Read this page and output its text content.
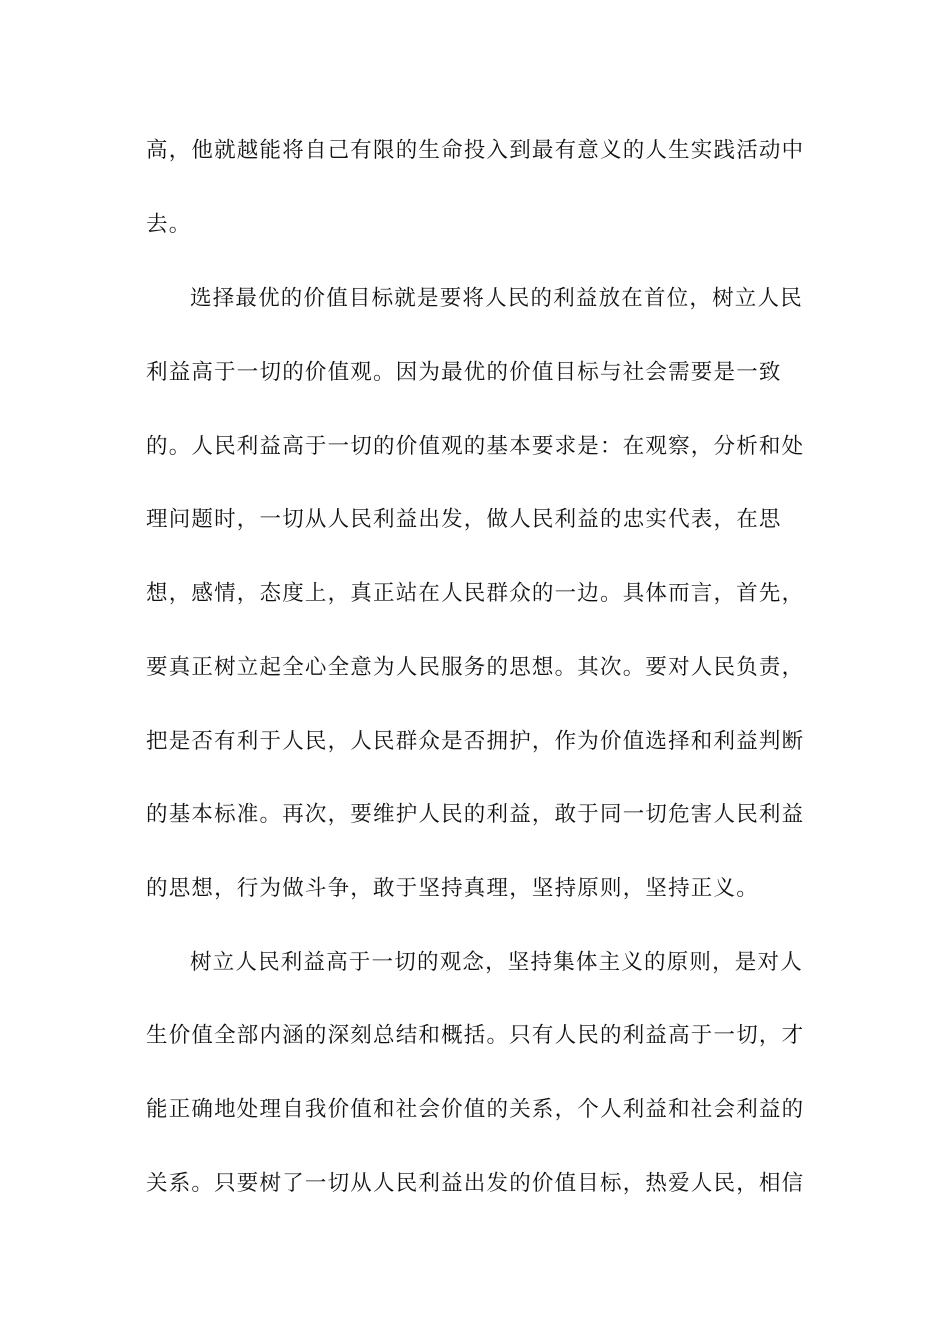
高，他就越能将自己有限的生命投入到最有意义的人生实践活动中
去。
选择最优的价值目标就是要将人民的利益放在首位，树立人民
利益高于一切的价值观。因为最优的价值目标与社会需要是一致
的。人民利益高于一切的价值观的基本要求是：在观察，分析和处
理问题时，一切从人民利益出发，做人民利益的忠实代表，在思
想，感情，态度上，真正站在人民群众的一边。具体而言，首先，
要真正树立起全心全意为人民服务的思想。其次。要对人民负责，
把是否有利于人民，人民群众是否拥护，作为价值选择和利益判断
的基本标准。再次，要维护人民的利益，敢于同一切危害人民利益
的思想，行为做斗争，敢于坚持真理，坚持原则，坚持正义。
树立人民利益高于一切的观念，坚持集体主义的原则，是对人
生价值全部内涵的深刻总结和概括。只有人民的利益高于一切，才
能正确地处理自我价值和社会价值的关系，个人利益和社会利益的
关系。只要树了一切从人民利益出发的价值目标，热爱人民，相信
